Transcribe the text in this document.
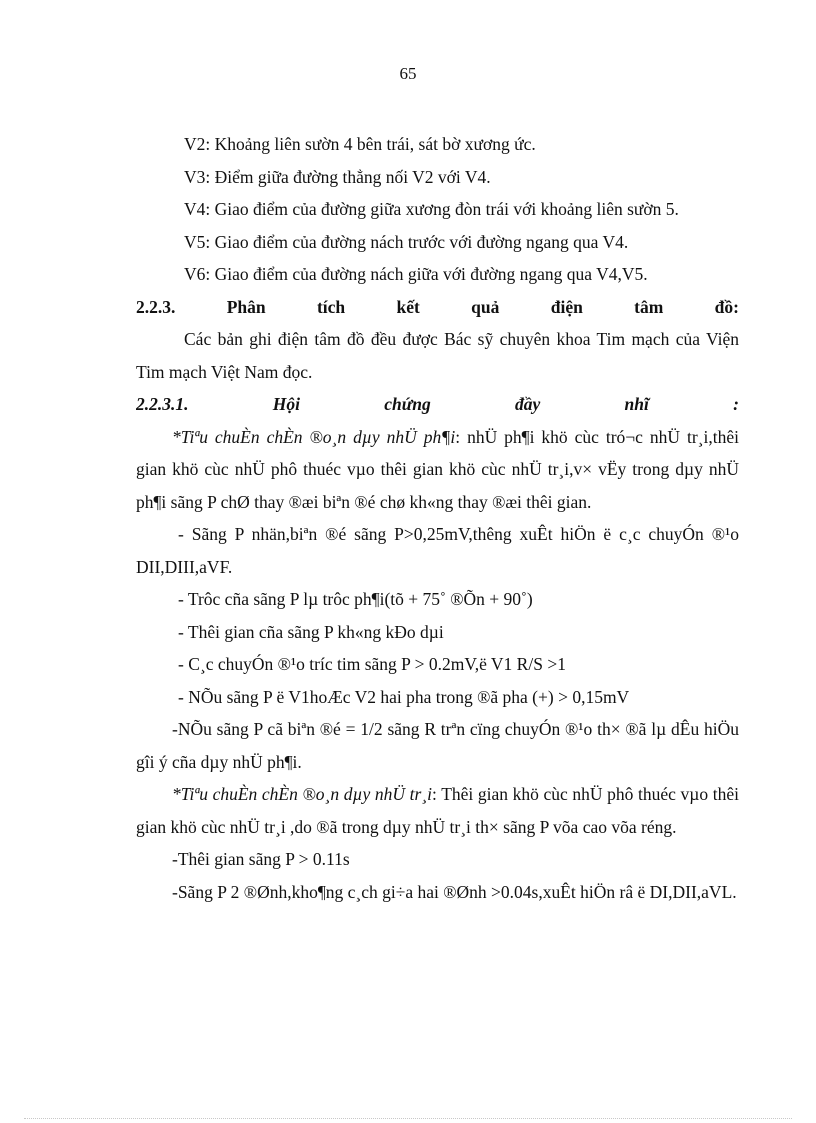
65
V2: Khoảng liên sườn 4 bên trái, sát bờ xương ức.
V3: Điểm giữa đường thẳng nối V2 với V4.
V4: Giao điểm của đường giữa xương đòn trái với khoảng liên sườn 5.
V5: Giao điểm của đường nách trước với đường ngang qua V4.
V6: Giao điểm của đường nách giữa với đường ngang qua V4,V5.
2.2.3. Phân tích kết quả điện tâm đồ:
Các bản ghi điện tâm đồ đều được Bác sỹ chuyên khoa Tim mạch của Viện Tim mạch Việt Nam đọc.
2.2.3.1. Hội chứng đầy nhĩ :
*Tiªu chuÈn chÈn ®o¸n dµy nhÜ ph¶i: nhÜ ph¶i khö cùc tró¬c nhÜ tr¸i,thêi gian khö cùc nhÜ phô thuéc vµo thêi gian khö cùc nhÜ tr¸i,v× vËy trong dµy nhÜ ph¶i sãng P chØ thay ®æi biªn ®é chø kh«ng thay ®æi thêi gian.
- Sãng P nhän,biªn ®é sãng P>0,25mV,thêng xuÊt hiÖn ë c¸c chuyÓn ®¹o DII,DIII,aVF.
- Trôc cña sãng P lµ trôc ph¶i(tõ + 75˚ ®Õn + 90˚)
- Thêi gian cña sãng P kh«ng kÐo dµi
- C¸c chuyÓn ®¹o tríc tim sãng P > 0.2mV,ë V1 R/S >1
- NÕu sãng P ë V1hoÆc V2 hai pha trong ®ã pha (+) > 0,15mV
-NÕu sãng P cã biªn ®é = 1/2 sãng R trªn cïng chuyÓn ®¹o th× ®ã lµ dÊu hiÖu gîi ý cña dµy nhÜ ph¶i.
*Tiªu chuÈn chÈn ®o¸n dµy nhÜ tr¸i: Thêi gian khö cùc nhÜ phô thuéc vµo thêi gian khö cùc nhÜ tr¸i ,do ®ã trong dµy nhÜ tr¸i th× sãng P võa cao võa réng.
-Thêi gian sãng P > 0.11s
-Sãng P 2 ®Ønh,kho¶ng c¸ch gi÷a hai ®Ønh >0.04s,xuÊt hiÖn râ ë DI,DII,aVL.
